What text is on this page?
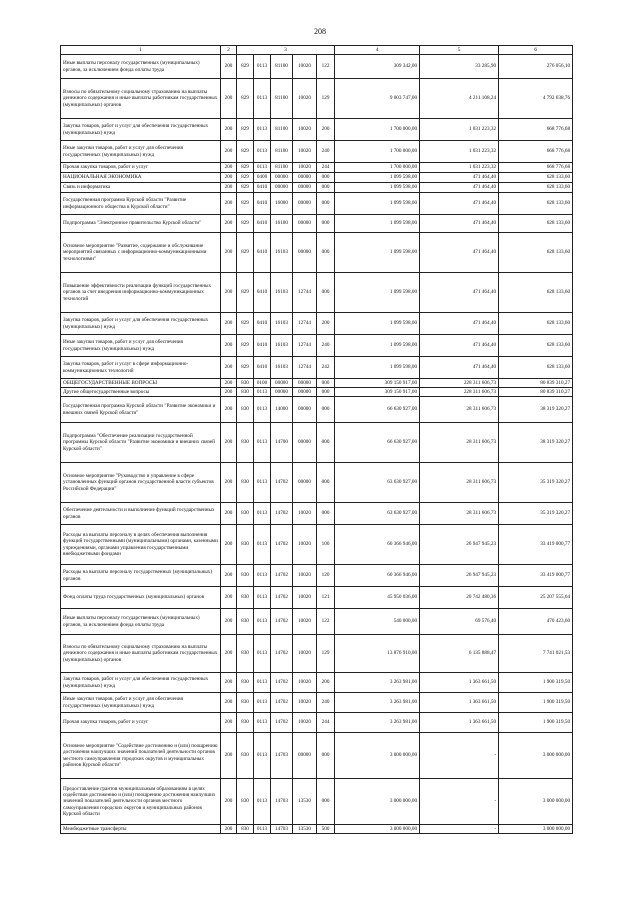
208
1	2	3					4	5	6
Иные выплаты персоналу государственных (муниципальных) органов, за исключением фонда оплаты труда	200	829	0113	81100	10020	122	309 342,00	33 285,90	276 056,10
Взносы по обязательному социальному страхованию на выплаты денежного содержания и иные выплаты работникам государственных (муниципальных) органов	200	829	0113	81100	10020	129	9 003 747,00	4 211 108,24	4 792 638,76
Закупка товаров, работ и услуг для обеспечения государственных (муниципальных) нужд	200	829	0113	81100	10020	200	1 700 000,00	1 031 223,32	668 776,68
Иные закупки товаров, работ и услуг для обеспечения государственных (муниципальных) нужд	200	829	0113	81100	10020	240	1 700 000,00	1 031 223,32	668 776,68
Прочая закупка товаров, работ и услуг	200	829	0113	81100	10020	244	1 700 000,00	1 031 223,32	668 776,68
НАЦИОНАЛЬНАЯ ЭКОНОМИКА	200	829	0400	00000	00000	000	1 099 598,00	471 464,40	628 133,60
Связь и информатика	200	829	0410	00000	00000	000	1 099 598,00	471 464,40	628 133,60
Государственная программа Курской области "Развитие информационного общества в Курской области"	200	829	0410	16000	00000	000	1 099 598,00	471 464,40	628 133,60
Подпрограмма "Электронное правительство Курской области"	200	829	0410	16100	00000	000	1 099 598,00	471 464,40	628 133,60
Основное мероприятие "Развитие, содержание и обслуживание мероприятий связанных с информационно-коммуникационными технологиями"	200	829	0410	16103	00000	000	1 099 598,00	471 464,40	628 133,60
Повышение эффективности реализации функций государственных органов за счет внедрения информационно-коммуникационных технологий	200	829	0410	16103	12744	000	1 099 598,00	471 464,40	628 133,60
Закупка товаров, работ и услуг для обеспечения государственных (муниципальных) нужд	200	829	0410	16103	12744	200	1 099 598,00	471 464,40	628 133,60
Иные закупки товаров, работ и услуг для обеспечения государственных (муниципальных) нужд	200	829	0410	16103	12744	240	1 099 598,00	471 464,40	628 133,60
Закупка товаров, работ и услуг в сфере информационно-коммуникационных технологий	200	829	0410	16103	12744	242	1 099 598,00	471 464,40	628 133,60
ОБЩЕГОСУДАРСТВЕННЫЕ ВОПРОСЫ	200	830	0100	00000	00000	000	309 150 917,00	228 311 606,73	80 839 310,27
Другие общегосударственные вопросы	200	830	0113	00000	00000	000	309 150 917,00	228 311 606,73	80 839 310,27
Государственная программа Курской области "Развитие экономики и внешних связей Курской области"	200	830	0113	14000	00000	000	66 630 927,00	28 311 606,73	38 319 320,27
Подпрограмма "Обеспечение реализации государственной программы Курской области "Развитие экономики и внешних связей Курской области"	200	830	0113	14700	00000	000	66 630 927,00	28 311 606,73	38 319 320,27
Основное мероприятие "Руководство и управление в сфере установленных функций органов государственной власти субъектов Российской Федерации"	200	830	0113	14702	00000	000	63 630 927,00	28 311 606,73	35 319 320,27
Обеспечение деятельности и выполнение функций государственных органов	200	830	0113	14702	10020	000	63 630 927,00	28 311 606,73	35 319 320,27
Расходы на выплаты персоналу в целях обеспечения выполнения функций государственными (муниципальными) органами, казенными учреждениями, органами управления государственными внебюджетными фондами	200	830	0113	14702	10020	100	60 366 946,00	26 947 945,23	33 419 000,77
Расходы на выплаты персоналу государственных (муниципальных) органов	200	830	0113	14702	10020	120	60 366 946,00	26 947 945,23	33 419 000,77
Фонд оплаты труда государственных (муниципальных) органов	200	830	0113	14702	10020	121	45 950 036,00	20 742 480,36	25 207 555,64
Иные выплаты персоналу государственных (муниципальных) органов, за исключением фонда оплаты труда	200	830	0113	14702	10020	122	540 000,00	69 576,40	470 423,60
Взносы по обязательному социальному страхованию на выплаты денежного содержания и иные выплаты работникам государственных (муниципальных) органов	200	830	0113	14702	10020	129	13 876 910,00	6 135 888,47	7 741 021,53
Закупка товаров, работ и услуг для обеспечения государственных (муниципальных) нужд	200	830	0113	14702	10020	200	3 263 981,00	1 363 661,50	1 900 319,50
Иные закупки товаров, работ и услуг для обеспечения государственных (муниципальных) нужд	200	830	0113	14702	10020	240	3 263 981,00	1 363 661,50	1 900 319,50
Прочая закупка товаров, работ и услуг	200	830	0113	14702	10020	244	3 263 981,00	1 363 661,50	1 900 319,50
Основное мероприятие "Содействие достижению и (или) поощрению достижения наилучших значений показателей деятельности органов местного самоуправления городских округов и муниципальных районов Курской области"	200	830	0113	14703	00000	000	3 000 000,00	-	3 000 000,00
Предоставление грантов муниципальным образованиям в целях содействия достижению и (или) поощрению достижения наилучших значений показателей деятельности органов местного самоуправления городских округов и муниципальных районов Курской области	200	830	0113	14703	13530	000	3 000 000,00	-	3 000 000,00
Межбюджетные трансферты	200	830	0113	14703	13530	500	3 000 000,00	-	3 000 000,00
